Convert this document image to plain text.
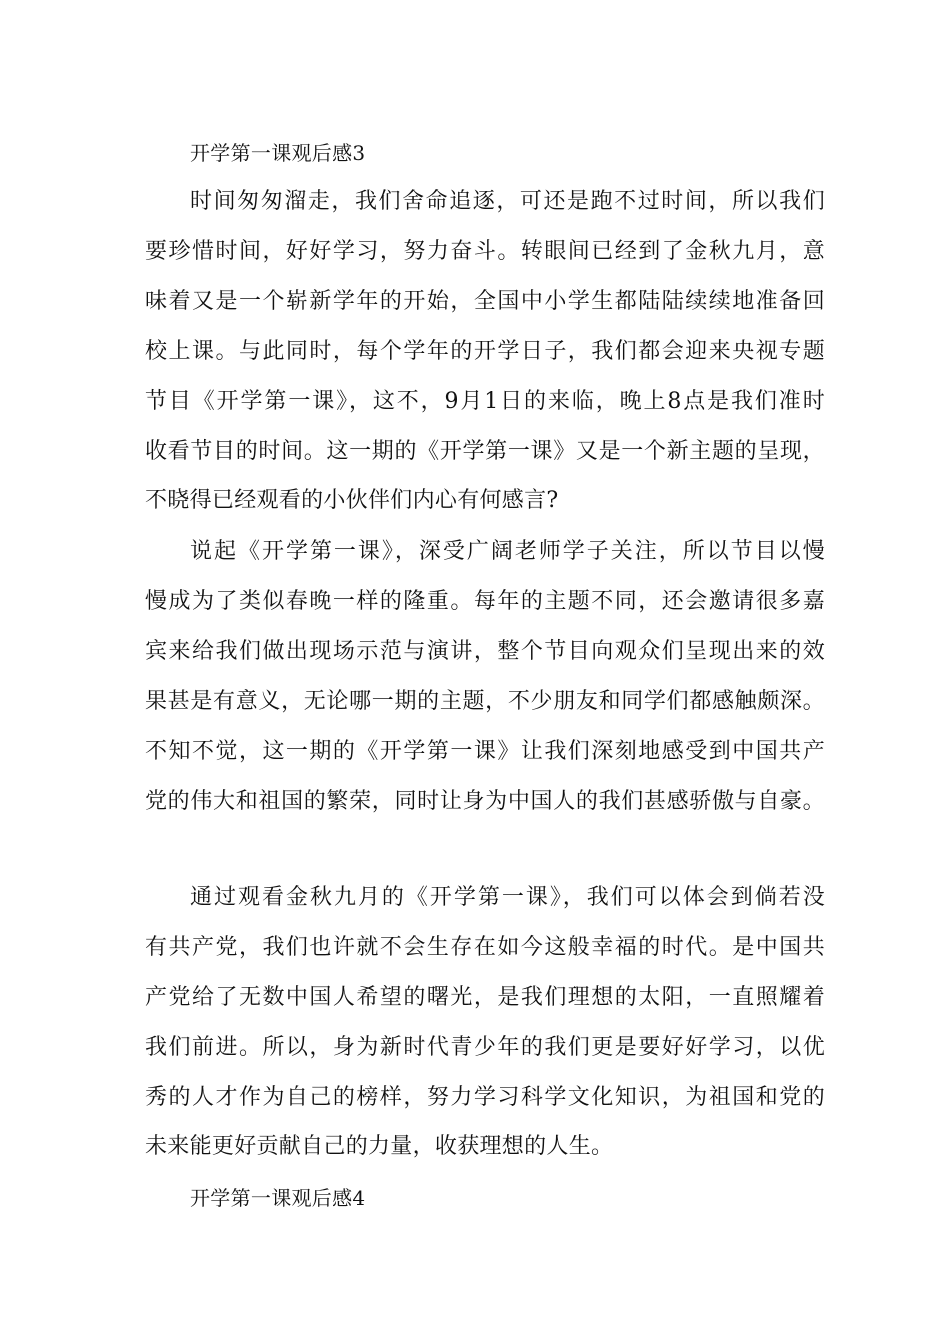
开学第一课观后感3
时间匆匆溜走，我们舍命追逐，可还是跑不过时间，所以我们
要珍惜时间，好好学习，努力奋斗。转眼间已经到了金秋九月，意
味着又是一个崭新学年的开始，全国中小学生都陆陆续续地准备回
校上课。与此同时，每个学年的开学日子，我们都会迎来央视专题
节目《开学第一课》，这不，9月1日的来临，晚上8点是我们准时
收看节目的时间。这一期的《开学第一课》又是一个新主题的呈现，
不晓得已经观看的小伙伴们内心有何感言?
说起《开学第一课》，深受广阔老师学子关注，所以节目以慢
慢成为了类似春晚一样的隆重。每年的主题不同，还会邀请很多嘉
宾来给我们做出现场示范与演讲，整个节目向观众们呈现出来的效
果甚是有意义，无论哪一期的主题，不少朋友和同学们都感触颇深。
不知不觉，这一期的《开学第一课》让我们深刻地感受到中国共产
党的伟大和祖国的繁荣，同时让身为中国人的我们甚感骄傲与自豪。
通过观看金秋九月的《开学第一课》，我们可以体会到倘若没
有共产党，我们也许就不会生存在如今这般幸福的时代。是中国共
产党给了无数中国人希望的曙光，是我们理想的太阳，一直照耀着
我们前进。所以，身为新时代青少年的我们更是要好好学习，以优
秀的人才作为自己的榜样，努力学习科学文化知识，为祖国和党的
未来能更好贡献自己的力量，收获理想的人生。
开学第一课观后感4
